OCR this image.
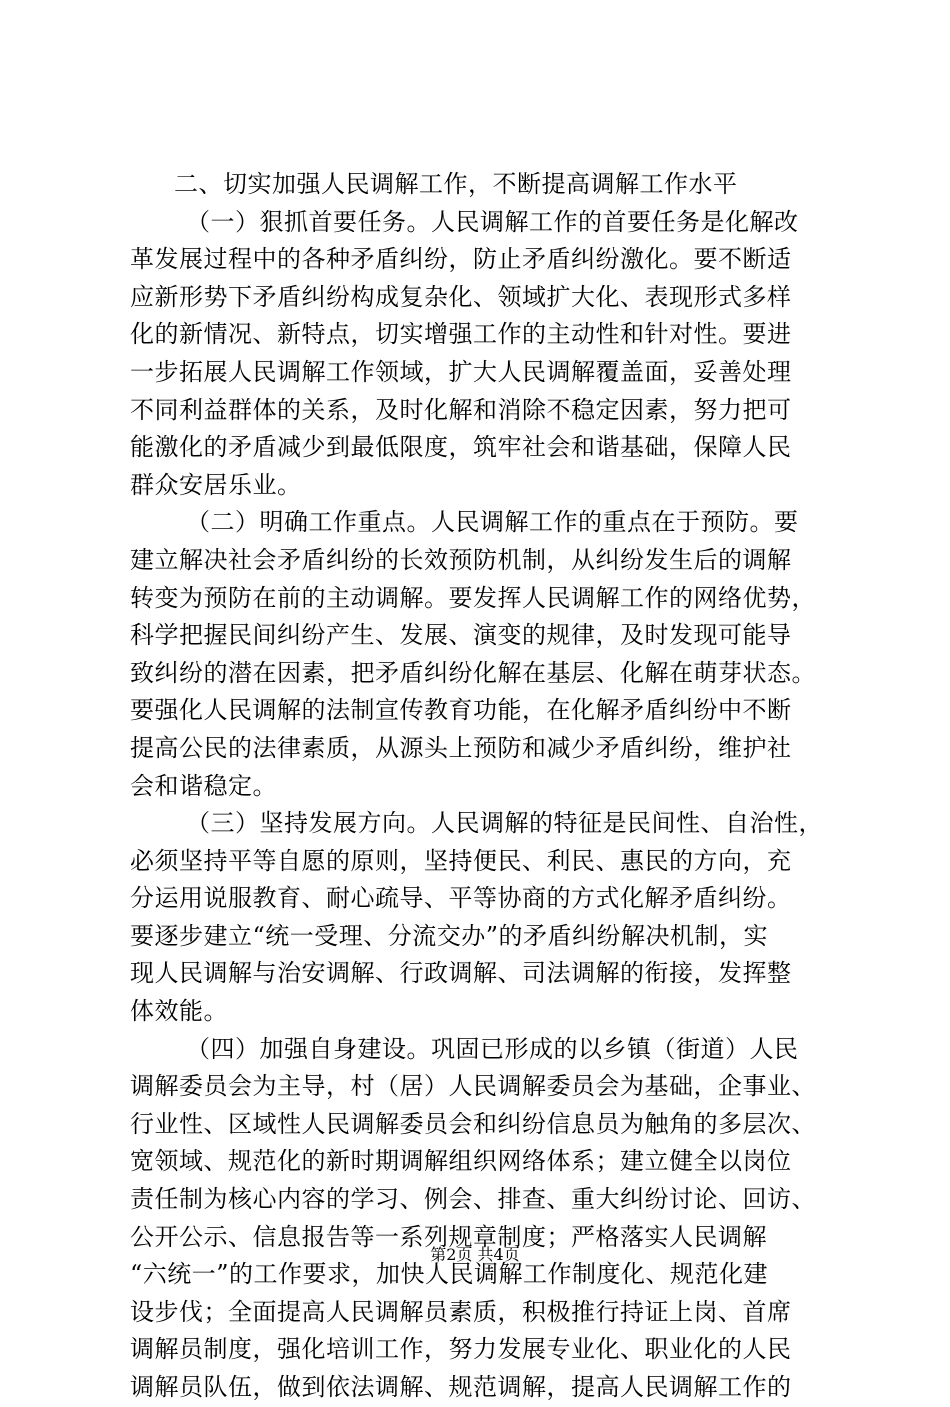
二、切实加强人民调解工作，不断提高调解工作水平
（一）狠抓首要任务。人民调解工作的首要任务是化解改
革发展过程中的各种矛盾纠纷，防止矛盾纠纷激化。要不断适
应新形势下矛盾纠纷构成复杂化、领域扩大化、表现形式多样
化的新情况、新特点，切实增强工作的主动性和针对性。要进
一步拓展人民调解工作领域，扩大人民调解覆盖面，妥善处理
不同利益群体的关系，及时化解和消除不稳定因素，努力把可
能激化的矛盾减少到最低限度，筑牢社会和谐基础，保障人民
群众安居乐业。
（二）明确工作重点。人民调解工作的重点在于预防。要
建立解决社会矛盾纠纷的长效预防机制，从纠纷发生后的调解
转变为预防在前的主动调解。要发挥人民调解工作的网络优势，
科学把握民间纠纷产生、发展、演变的规律，及时发现可能导
致纠纷的潜在因素，把矛盾纠纷化解在基层、化解在萌芽状态。
要强化人民调解的法制宣传教育功能，在化解矛盾纠纷中不断
提高公民的法律素质，从源头上预防和减少矛盾纠纷，维护社
会和谐稳定。
（三）坚持发展方向。人民调解的特征是民间性、自治性，
必须坚持平等自愿的原则，坚持便民、利民、惠民的方向，充
分运用说服教育、耐心疏导、平等协商的方式化解矛盾纠纷。
要逐步建立“统一受理、分流交办”的矛盾纠纷解决机制，实
现人民调解与治安调解、行政调解、司法调解的衔接，发挥整
体效能。
（四）加强自身建设。巩固已形成的以乡镇（街道）人民
调解委员会为主导，村（居）人民调解委员会为基础，企事业、
行业性、区域性人民调解委员会和纠纷信息员为触角的多层次、
宽领域、规范化的新时期调解组织网络体系；建立健全以岗位
责任制为核心内容的学习、例会、排查、重大纠纷讨论、回访、
公开公示、信息报告等一系列规章制度；严格落实人民调解
“六统一”的工作要求，加快人民调解工作制度化、规范化建
设步伐；全面提高人民调解员素质，积极推行持证上岗、首席
调解员制度，强化培训工作，努力发展专业化、职业化的人民
调解员队伍，做到依法调解、规范调解，提高人民调解工作的
第2页 共4页
